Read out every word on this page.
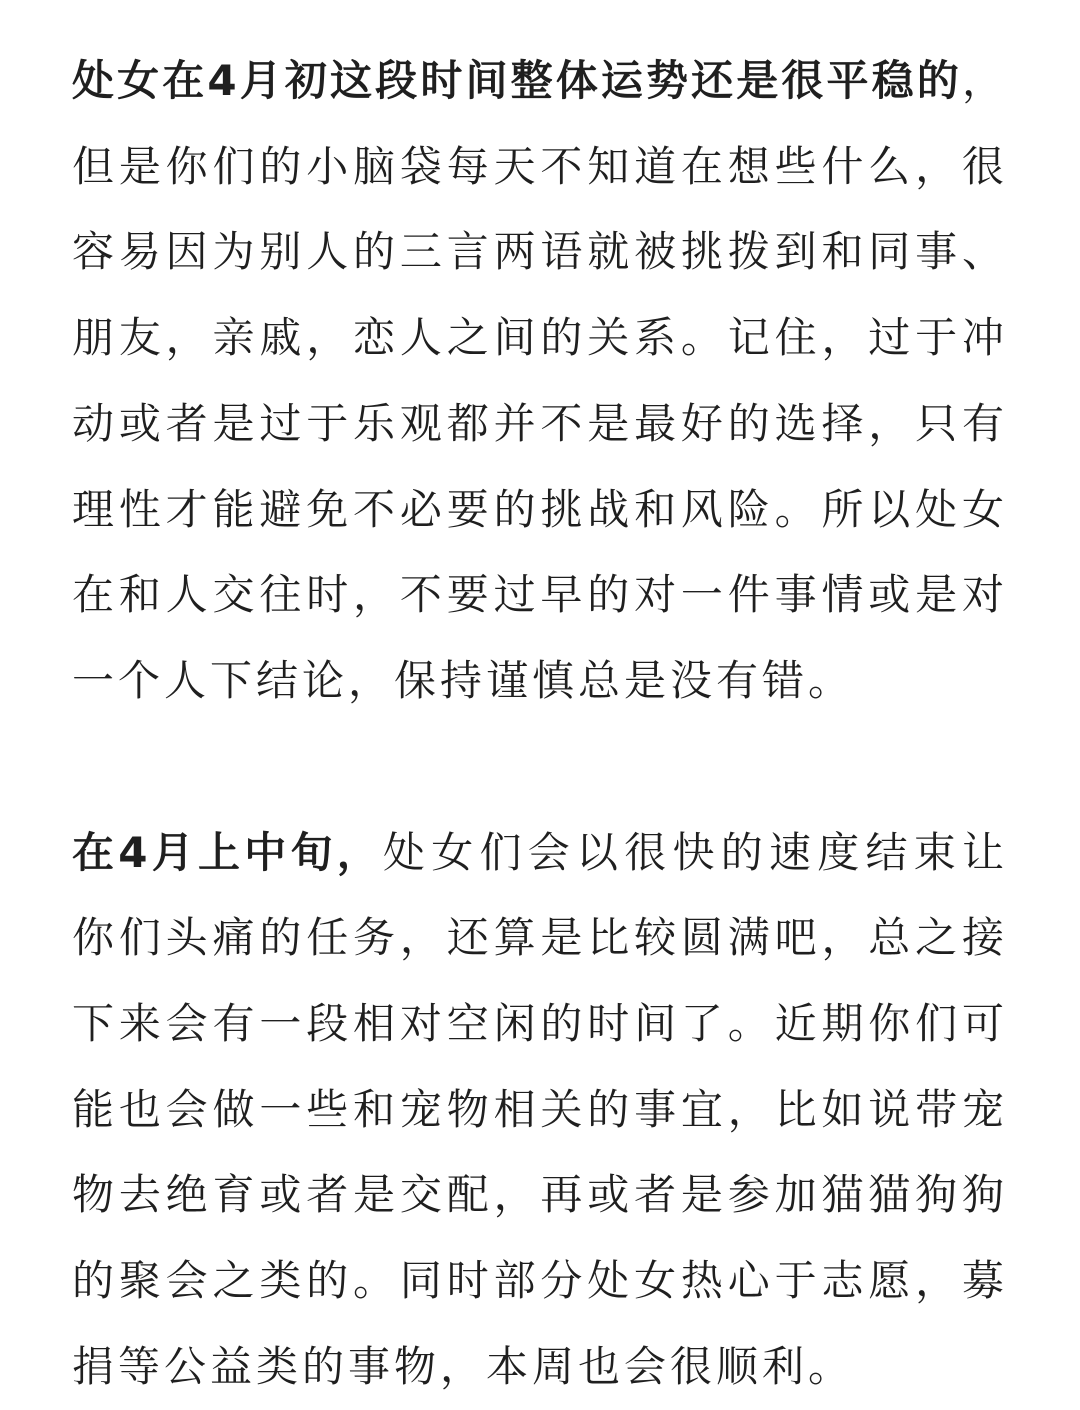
处女在4月初这段时间整体运势还是很平稳的，但是你们的小脑袋每天不知道在想些什么，很容易因为别人的三言两语就被挑拨到和同事、朋友，亲戚，恋人之间的关系。记住，过于冲动或者是过于乐观都并不是最好的选择，只有理性才能避免不必要的挑战和风险。所以处女在和人交往时，不要过早的对一件事情或是对一个人下结论，保持谨慎总是没有错。

在4月上中旬，处女们会以很快的速度结束让你们头痛的任务，还算是比较圆满吧，总之接下来会有一段相对空闲的时间了。近期你们可能也会做一些和宠物相关的事宜，比如说带宠物去绝育或者是交配，再或者是参加猫猫狗狗的聚会之类的。同时部分处女热心于志愿，募捐等公益类的事物，本周也会很顺利。
